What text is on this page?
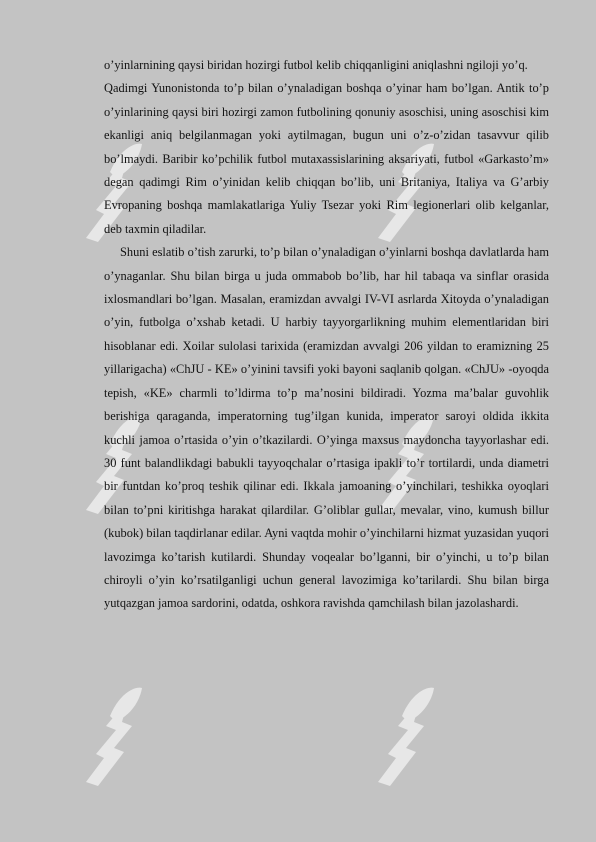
o’yinlarnining qaysi biridan hozirgi futbol kelib chiqqanligini aniqlashni ngiloji yo’q.

Qadimgi Yunonistonda to’p bilan o’ynaladigan boshqa o’yinar ham bo’lgan. Antik to’p o’yinlarining qaysi biri hozirgi zamon futbolining qonuniy asoschisi, uning asoschisi kim ekanligi aniq belgilanmagan yoki aytilmagan, bugun uni o’z-o’zidan tasavvur qilib bo’lmaydi. Baribir ko’pchilik futbol mutaxassislarining aksariyati, futbol «Garkasto’m» degan qadimgi Rim o’yinidan kelib chiqqan bo’lib, uni Britaniya, Italiya va G’arbiy Evropaning boshqa mamlakatlariga Yuliy Tsezar yoki Rim legionerlari olib kelganlar, deb taxmin qiladilar.

Shuni eslatib o’tish zarurki, to’p bilan o’ynaladigan o’yinlarni boshqa davlatlarda ham o’ynaganlar. Shu bilan birga u juda ommabob bo’lib, har hil tabaqa va sinflar orasida ixlosmandlari bo’lgan. Masalan, eramizdan avvalgi IV-VI asrlarda Xitoyda o’ynaladigan o’yin, futbolga o’xshab ketadi. U harbiy tayyorgarlikning muhim elementlaridan biri hisoblanar edi. Xoilar sulolasi tarixida (eramizdan avvalgi 206 yildan to eramizning 25 yillarigacha) «ChJU - KE» o’yinini tavsifi yoki bayoni saqlanib qolgan. «ChJU» -oyoqda tepish, «KE» charmli to’ldirma to’p ma’nosini bildiradi. Yozma ma’balar guvohlik berishiga qaraganda, imperatorning tug’ilgan kunida, imperator saroyi oldida ikkita kuchli jamoa o’rtasida o’yin o’tkazilardi. O’yinga maxsus maydoncha tayyorlashar edi. 30 funt balandlikdagi babukli tayyoqchalar o’rtasiga ipakli to’r tortilardi, unda diametri bir funtdan ko’proq teshik qilinar edi. Ikkala jamoaning o’yinchilari, teshikka oyoqlari bilan to’pni kiritishga harakat qilardilar. G’oliblar gullar, mevalar, vino, kumush billur (kubok) bilan taqdirlanar edilar. Ayni vaqtda mohir o’yinchilarni hizmat yuzasidan yuqori lavozimga ko’tarish kutilardi. Shunday voqealar bo’lganni, bir o’yinchi, u to’p bilan chiroyli o’yin ko’rsatilganligi uchun general lavozimiga ko’tarilardi. Shu bilan birga yutqazgan jamoa sardorini, odatda, oshkora ravishda qamchilash bilan jazolashardi.
